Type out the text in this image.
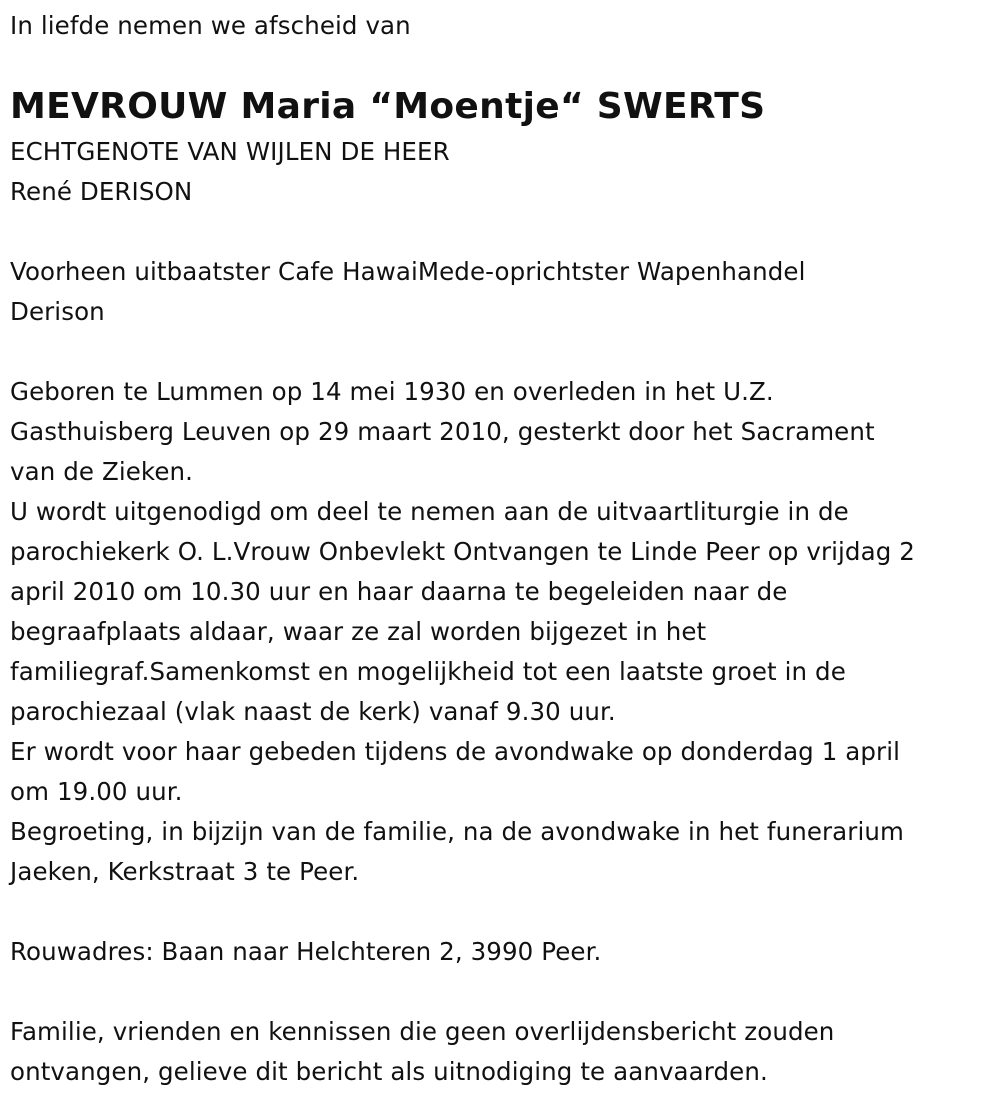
In liefde nemen we afscheid van

MEVROUW Maria “Moentje“ SWERTS

ECHTGENOTE VAN WIJLEN DE HEER

René DERISON

Voorheen uitbaatster Cafe HawaiMede-oprichtster Wapenhandel
Derison
Geboren te Lummen op 14 mei 1930 en overleden in het U.Z.
Gasthuisberg Leuven op 29 maart 2010, gesterkt door het Sacrament
van de Zieken.
U wordt uitgenodigd om deel te nemen aan de uitvaartliturgie in de
parochiekerk O. L.Vrouw Onbevlekt Ontvangen te Linde Peer op vrijdag 2
april 2010 om 10.30 uur en haar daarna te begeleiden naar de
begraafplaats aldaar, waar ze zal worden bijgezet in het
familiegraf.Samenkomst en mogelijkheid tot een laatste groet in de
parochiezaal (vlak naast de kerk) vanaf 9.30 uur.
Er wordt voor haar gebeden tijdens de avondwake op donderdag 1 april
om 19.00 uur.
Begroeting, in bijzijn van de familie, na de avondwake in het funerarium
Jaeken, Kerkstraat 3 te Peer.
Rouwadres: Baan naar Helchteren 2, 3990 Peer.
Familie, vrienden en kennissen die geen overlijdensbericht zouden
ontvangen, gelieve dit bericht als uitnodiging te aanvaarden.
